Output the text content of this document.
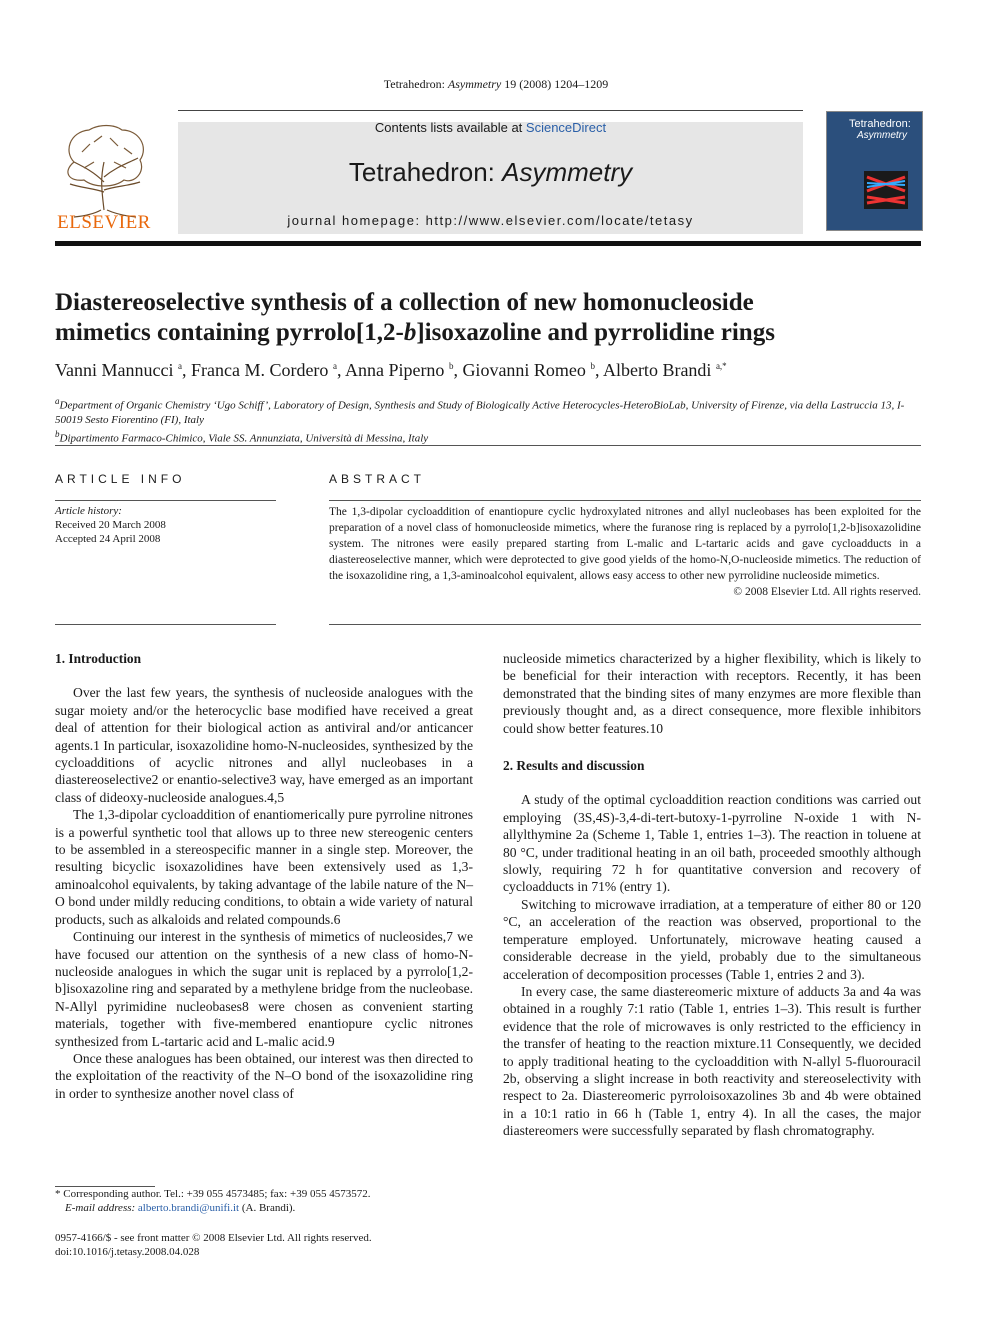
Tetrahedron: Asymmetry 19 (2008) 1204–1209
ELSEVIER
Contents lists available at ScienceDirect
Tetrahedron: Asymmetry
journal homepage: http://www.elsevier.com/locate/tetasy
Tetrahedron:
Asymmetry
Diastereoselective synthesis of a collection of new homonucleoside
mimetics containing pyrrolo[1,2-b]isoxazoline and pyrrolidine rings
Vanni Mannucci $^a$, Franca M. Cordero $^a$, Anna Piperno $^b$, Giovanni Romeo $^b$, Alberto Brandi $^{a,*}$

$^a$Department of Organic Chemistry ‘Ugo Schiff’, Laboratory of Design, Synthesis and Study of Biologically Active Heterocycles-HeteroBioLab, University of Firenze, via della Lastruccia 13, I-50019 Sesto Fiorentino (FI), Italy

$^b$Dipartimento Farmaco-Chimico, Viale SS. Annunziata, Università di Messina, Italy

ARTICLE INFO	ABSTRACT
Article history:
Received 20 March 2008
Accepted 24 April 2008
The 1,3-dipolar cycloaddition of enantiopure cyclic hydroxylated nitrones and allyl nucleobases has been exploited for the preparation of a novel class of homonucleoside mimetics, where the furanose ring is replaced by a pyrrolo[1,2-b]isoxazolidine system. The nitrones were easily prepared starting from L-malic and L-tartaric acids and gave cycloadducts in a diastereoselective manner, which were deprotected to give good yields of the homo-N,O-nucleoside mimetics. The reduction of the isoxazolidine ring, a 1,3-aminoalcohol equivalent, allows easy access to other new pyrrolidine nucleoside mimetics.
© 2008 Elsevier Ltd. All rights reserved.
1. Introduction

Over the last few years, the synthesis of nucleoside analogues with the sugar moiety and/or the heterocyclic base modified have received a great deal of attention for their biological action as antiviral and/or anticancer agents.1 In particular, isoxazolidine homo-N-nucleosides, synthesized by the cycloadditions of acyclic nitrones and allyl nucleobases in a diastereoselective2 or enantio-selective3 way, have emerged as an important class of dideoxy-nucleoside analogues.4,5

The 1,3-dipolar cycloaddition of enantiomerically pure pyrroline nitrones is a powerful synthetic tool that allows up to three new stereogenic centers to be assembled in a stereospecific manner in a single step. Moreover, the resulting bicyclic isoxazolidines have been extensively used as 1,3-aminoalcohol equivalents, by taking advantage of the labile nature of the N–O bond under mildly reducing conditions, to obtain a wide variety of natural products, such as alkaloids and related compounds.6

Continuing our interest in the synthesis of mimetics of nucleosides,7 we have focused our attention on the synthesis of a new class of homo-N-nucleoside analogues in which the sugar unit is replaced by a pyrrolo[1,2-b]isoxazoline ring and separated by a methylene bridge from the nucleobase. N-Allyl pyrimidine nucleobases8 were chosen as convenient starting materials, together with five-membered enantiopure cyclic nitrones synthesized from L-tartaric acid and L-malic acid.9

Once these analogues has been obtained, our interest was then directed to the exploitation of the reactivity of the N–O bond of the isoxazolidine ring in order to synthesize another novel class of

nucleoside mimetics characterized by a higher flexibility, which is likely to be beneficial for their interaction with receptors. Recently, it has been demonstrated that the binding sites of many enzymes are more flexible than previously thought and, as a direct consequence, more flexible inhibitors could show better features.10

2. Results and discussion

A study of the optimal cycloaddition reaction conditions was carried out employing (3S,4S)-3,4-di-tert-butoxy-1-pyrroline N-oxide 1 with N-allylthymine 2a (Scheme 1, Table 1, entries 1–3). The reaction in toluene at 80 °C, under traditional heating in an oil bath, proceeded smoothly although slowly, requiring 72 h for quantitative conversion and recovery of cycloadducts in 71% (entry 1).

Switching to microwave irradiation, at a temperature of either 80 or 120 °C, an acceleration of the reaction was observed, proportional to the temperature employed. Unfortunately, microwave heating caused a considerable decrease in the yield, probably due to the simultaneous acceleration of decomposition processes (Table 1, entries 2 and 3).

In every case, the same diastereomeric mixture of adducts 3a and 4a was obtained in a roughly 7:1 ratio (Table 1, entries 1–3). This result is further evidence that the role of microwaves is only restricted to the efficiency in the transfer of heating to the reaction mixture.11 Consequently, we decided to apply traditional heating to the cycloaddition with N-allyl 5-fluorouracil 2b, observing a slight increase in both reactivity and stereoselectivity with respect to 2a. Diastereomeric pyrroloisoxazolines 3b and 4b were obtained in a 10:1 ratio in 66 h (Table 1, entry 4). In all the cases, the major diastereomers were successfully separated by flash chromatography.

* Corresponding author. Tel.: +39 055 4573485; fax: +39 055 4573572.
E-mail address: alberto.brandi@unifi.it (A. Brandi).
0957-4166/$ - see front matter © 2008 Elsevier Ltd. All rights reserved.
doi:10.1016/j.tetasy.2008.04.028
